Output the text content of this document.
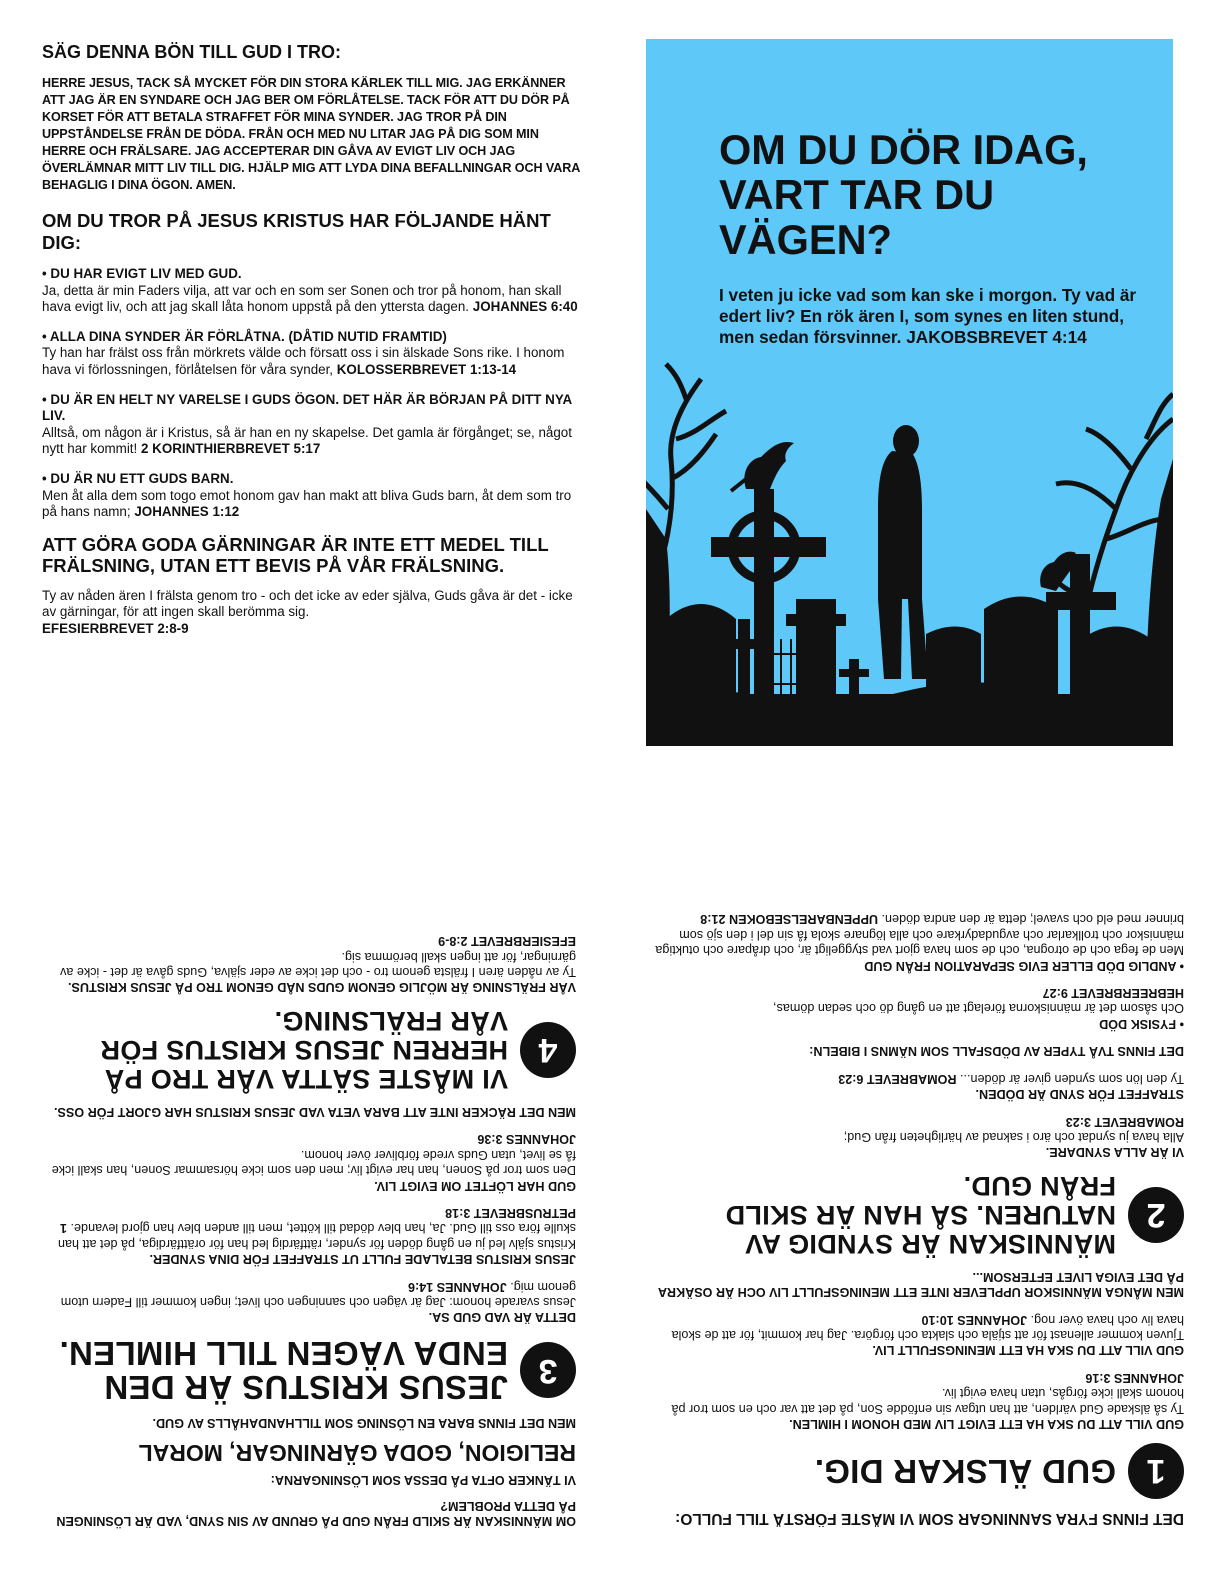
SÄG DENNA BÖN TILL GUD I TRO:

HERRE JESUS, TACK SÅ MYCKET FÖR DIN STORA KÄRLEK TILL MIG. JAG ERKÄNNER ATT JAG ÄR EN SYNDARE OCH JAG BER OM FÖRLÅTELSE. TACK FÖR ATT DU DÖR PÅ KORSET FÖR ATT BETALA STRAFFET FÖR MINA SYNDER. JAG TROR PÅ DIN UPPSTÅNDELSE FRÅN DE DÖDA. FRÅN OCH MED NU LITAR JAG PÅ DIG SOM MIN HERRE OCH FRÄLSARE. JAG ACCEPTERAR DIN GÅVA AV EVIGT LIV OCH JAG ÖVERLÄMNAR MITT LIV TILL DIG. HJÄLP MIG ATT LYDA DINA BEFALLNINGAR OCH VARA BEHAGLIG I DINA ÖGON. AMEN.

OM DU TROR PÅ JESUS KRISTUS HAR FÖLJANDE HÄNT DIG:

• DU HAR EVIGT LIV MED GUD.

Ja, detta är min Faders vilja, att var och en som ser Sonen och tror på honom, han skall hava evigt liv, och att jag skall låta honom uppstå på den yttersta dagen. JOHANNES 6:40

• ALLA DINA SYNDER ÄR FÖRLÅTNA. (DÅTID NUTID FRAMTID)

Ty han har frälst oss från mörkrets välde och försatt oss i sin älskade Sons rike. I honom hava vi förlossningen, förlåtelsen för våra synder, KOLOSSERBREVET 1:13-14

• DU ÄR EN HELT NY VARELSE I GUDS ÖGON. DET HÄR ÄR BÖRJAN PÅ DITT NYA LIV.

Alltså, om någon är i Kristus, så är han en ny skapelse. Det gamla är förgånget; se, något nytt har kommit! 2 KORINTHIERBREVET 5:17

• DU ÄR NU ETT GUDS BARN.

Men åt alla dem som togo emot honom gav han makt att bliva Guds barn, åt dem som tro på hans namn; JOHANNES 1:12

ATT GÖRA GODA GÄRNINGAR ÄR INTE ETT MEDEL TILL FRÄLSNING, UTAN ETT BEVIS PÅ VÅR FRÄLSNING.

Ty av nåden ären I frälsta genom tro - och det icke av eder själva, Guds gåva är det - icke av gärningar, för att ingen skall berömma sig.
EFESIERBREVET 2:8-9

OM DU DÖR IDAG, VART TAR DU VÄGEN?
I veten ju icke vad som kan ske i morgon. Ty vad är edert liv? En rök ären I, som synes en liten stund, men sedan försvinner. JAKOBSBREVET 4:14

DET FINNS FYRA SANNINGAR SOM VI MÅSTE FÖRSTÅ TILL FULLO:

1
GUD ÄLSKAR DIG.

GUD VILL ATT DU SKA HA ETT EVIGT LIV MED HONOM I HIMLEN.

Ty så älskade Gud världen, att han utgav sin enfödde Son, på det att var och en som tror på honom skall icke förgås, utan hava evigt liv.
JOHANNES 3:16

GUD VILL ATT DU SKA HA ETT MENINGSFULLT LIV.

Tjuven kommer allenast för att stjäla och slakta och förgöra. Jag har kommit, för att de skola hava liv och hava över nog. JOHANNES 10:10

MEN MÅNGA MÄNNISKOR UPPLEVER INTE ETT MENINGSFULLT LIV OCH ÄR OSÄKRA PÅ DET EVIGA LIVET EFTERSOM...

2
MÄNNISKAN ÄR SYNDIG AV NATUREN. SÅ HAN ÄR SKILD FRÅN GUD.

VI ÄR ALLA SYNDARE.

Alla hava ju syndat och äro i saknad av härligheten från Gud;
ROMABREVET 3:23

STRAFFET FÖR SYND ÄR DÖDEN.

Ty den lön som synden giver är döden... ROMABREVET 6:23

DET FINNS TVÅ TYPER AV DÖDSFALL SOM NÄMNS I BIBELN:

• FYSISK DÖD

Och såsom det är människorna förelagt att en gång dö och sedan dömas,
HEBREERBREVET 9:27

• ANDLIG DÖD ELLER EVIG SEPARATION FRÅN GUD

Men de fega och de otrogna, och de som hava gjort vad styggeligt är, och dråpare och otuktiga människor och trollkarlar och avgudadyrkare och alla lögnare skola få sin del i den sjö som brinner med eld och svavel; detta är den andra döden. UPPENBARELSEBOKEN 21:8

OM MÄNNISKAN ÄR SKILD FRÅN GUD PÅ GRUND AV SIN SYND, VAD ÄR LÖSNINGEN PÅ DETTA PROBLEM?

VI TÄNKER OFTA PÅ DESSA SOM LÖSNINGARNA:

RELIGION, GODA GÄRNINGAR, MORAL

MEN DET FINNS BARA EN LÖSNING SOM TILLHANDAHÅLLS AV GUD.

3
JESUS KRISTUS ÄR DEN ENDA VÄGEN TILL HIMLEN.

DETTA ÄR VAD GUD SA.

Jesus svarade honom: Jag är vägen och sanningen och livet; ingen kommer till Fadern utom genom mig. JOHANNES 14:6

JESUS KRISTUS BETALADE FULLT UT STRAFFET FÖR DINA SYNDER.

Kristus själv led ju en gång döden för synder, rättfärdig led han för orättfärdiga, på det att han skulle föra oss till Gud. Ja, han blev dödad till köttet, men till anden blev han gjord levande. 1 PETRUSBREVET 3:18

GUD HAR LÖFTET OM EVIGT LIV.

Den som tror på Sonen, han har evigt liv; men den som icke hörsammar Sonen, han skall icke få se livet, utan Guds vrede förbliver över honom.
JOHANNES 3:36

MEN DET RÄCKER INTE ATT BARA VETA VAD JESUS KRISTUS HAR GJORT FÖR OSS.

4
VI MÅSTE SÄTTA VÅR TRO PÅ HERREN JESUS KRISTUS FÖR VÅR FRÄLSNING.

VÅR FRÄLSNING ÄR MÖJLIG GENOM GUDS NÅD GENOM TRO PÅ JESUS KRISTUS.

Ty av nåden ären I frälsta genom tro - och det icke av eder själva, Guds gåva är det - icke av gärningar, för att ingen skall berömma sig.
EFESIERBREVET 2:8-9
